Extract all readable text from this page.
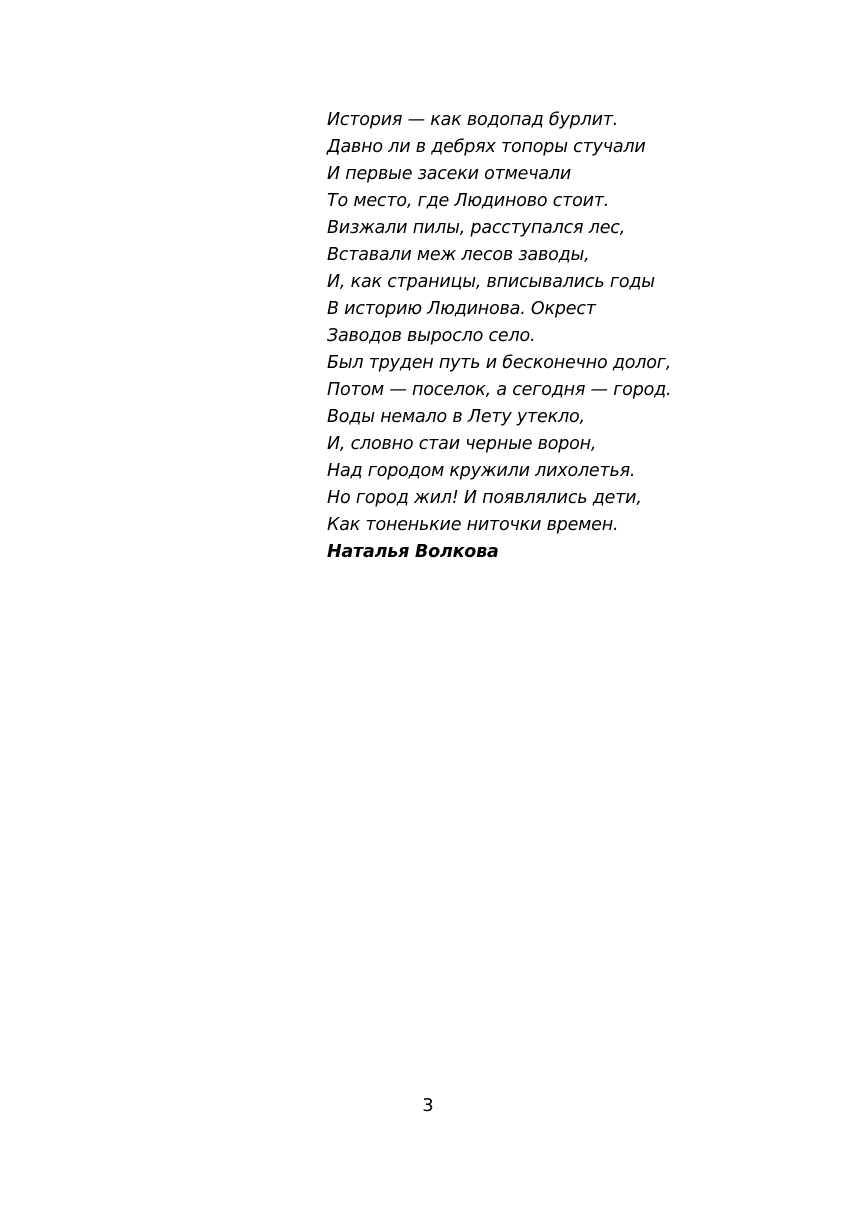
История — как водопад бурлит.
Давно ли в дебрях топоры стучали
И первые засеки отмечали
То место, где Людиново стоит.
Визжали пилы, расступался лес,
Вставали меж лесов заводы,
И, как страницы, вписывались годы
В историю Людинова. Окрест
Заводов выросло село.
Был труден путь и бесконечно долог,
Потом — поселок, а сегодня — город.
Воды немало в Лету утекло,
И, словно стаи черные ворон,
Над городом кружили лихолетья.
Но город жил! И появлялись дети,
Как тоненькие ниточки времен.
Наталья Волкова
3
